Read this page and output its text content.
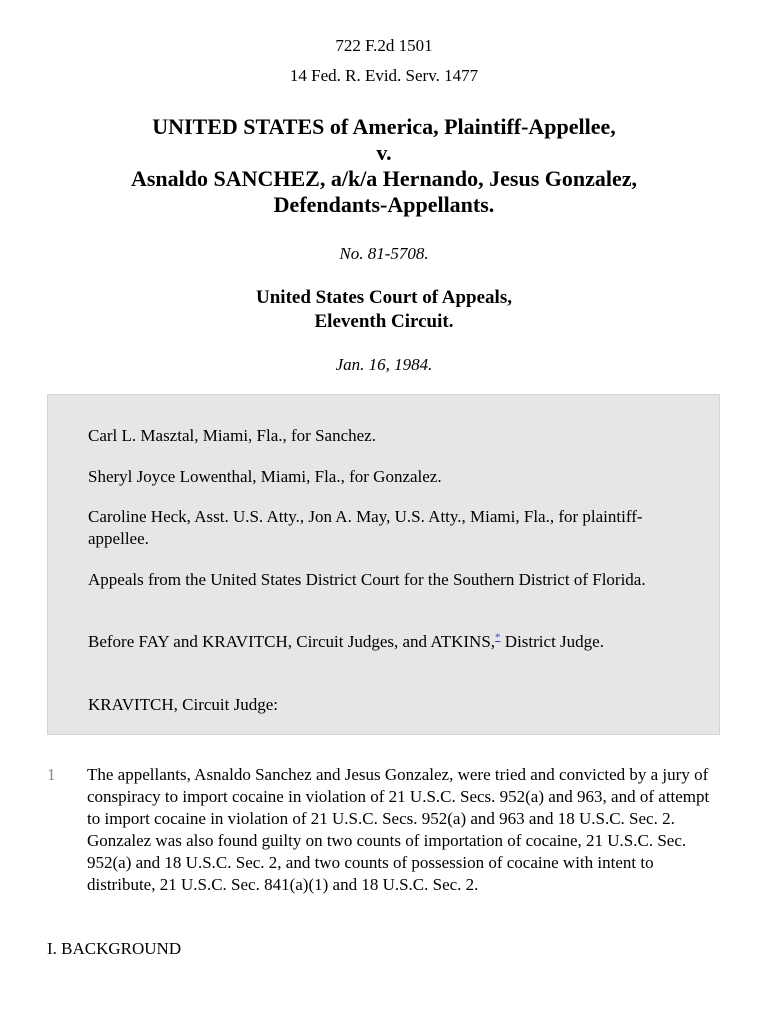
722 F.2d 1501
14 Fed. R. Evid. Serv. 1477
UNITED STATES of America, Plaintiff-Appellee,
v.
Asnaldo SANCHEZ, a/k/a Hernando, Jesus Gonzalez,
Defendants-Appellants.
No. 81-5708.
United States Court of Appeals,
Eleventh Circuit.
Jan. 16, 1984.
Carl L. Masztal, Miami, Fla., for Sanchez.
Sheryl Joyce Lowenthal, Miami, Fla., for Gonzalez.
Caroline Heck, Asst. U.S. Atty., Jon A. May, U.S. Atty., Miami, Fla., for plaintiff-appellee.
Appeals from the United States District Court for the Southern District of Florida.
Before FAY and KRAVITCH, Circuit Judges, and ATKINS,* District Judge.
KRAVITCH, Circuit Judge:
1 The appellants, Asnaldo Sanchez and Jesus Gonzalez, were tried and convicted by a jury of conspiracy to import cocaine in violation of 21 U.S.C. Secs. 952(a) and 963, and of attempt to import cocaine in violation of 21 U.S.C. Secs. 952(a) and 963 and 18 U.S.C. Sec. 2. Gonzalez was also found guilty on two counts of importation of cocaine, 21 U.S.C. Sec. 952(a) and 18 U.S.C. Sec. 2, and two counts of possession of cocaine with intent to distribute, 21 U.S.C. Sec. 841(a)(1) and 18 U.S.C. Sec. 2.
I. BACKGROUND
